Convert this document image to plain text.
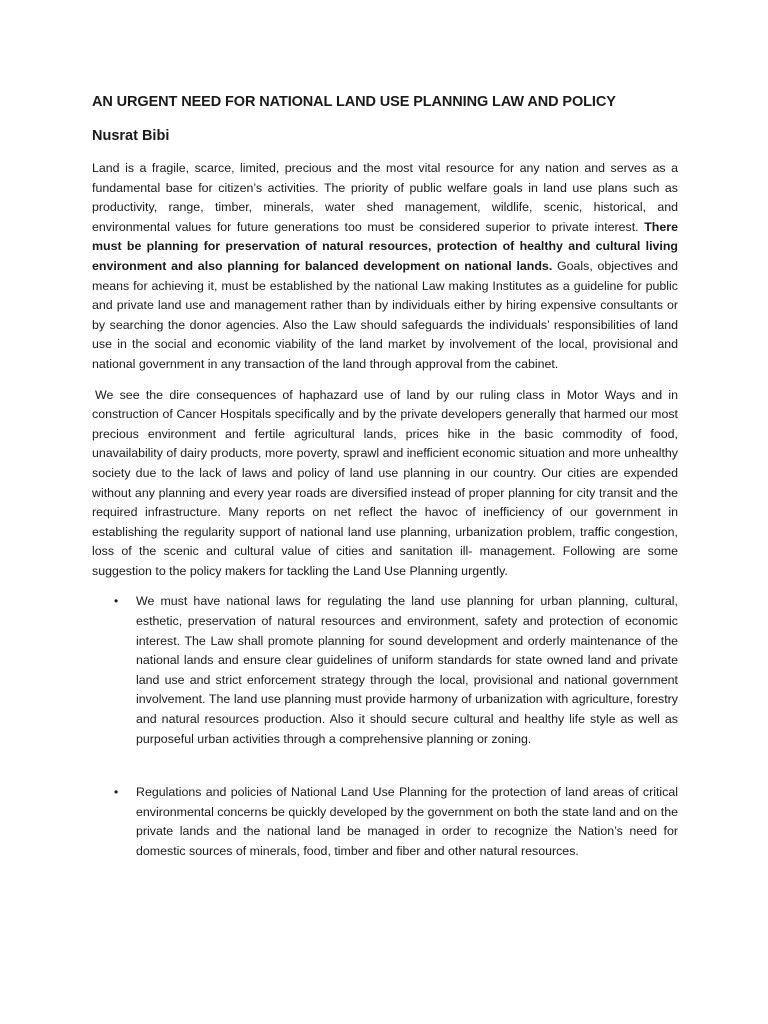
AN URGENT NEED FOR NATIONAL LAND USE PLANNING LAW AND POLICY
Nusrat Bibi

Land is a fragile, scarce, limited, precious and the most vital resource for any nation and serves as a fundamental base for citizen’s activities. The priority of public welfare goals in land use plans such as productivity, range, timber, minerals, water shed management, wildlife, scenic, historical, and environmental values for future generations too must be considered superior to private interest. There must be planning for preservation of natural resources, protection of healthy and cultural living environment and also planning for balanced development on national lands. Goals, objectives and means for achieving it, must be established by the national Law making Institutes as a guideline for public and private land use and management rather than by individuals either by hiring expensive consultants or by searching the donor agencies. Also the Law should safeguards the individuals’ responsibilities of land use in the social and economic viability of the land market by involvement of the local, provisional and national government in any transaction of the land through approval from the cabinet.

We see the dire consequences of haphazard use of land by our ruling class in Motor Ways and in construction of Cancer Hospitals specifically and by the private developers generally that harmed our most precious environment and fertile agricultural lands, prices hike in the basic commodity of food, unavailability of dairy products, more poverty, sprawl and inefficient economic situation and more unhealthy society due to the lack of laws and policy of land use planning in our country. Our cities are expended without any planning and every year roads are diversified instead of proper planning for city transit and the required infrastructure. Many reports on net reflect the havoc of inefficiency of our government in establishing the regularity support of national land use planning, urbanization problem, traffic congestion, loss of the scenic and cultural value of cities and sanitation ill- management. Following are some suggestion to the policy makers for tackling the Land Use Planning urgently.

• We must have national laws for regulating the land use planning for urban planning, cultural, esthetic, preservation of natural resources and environment, safety and protection of economic interest. The Law shall promote planning for sound development and orderly maintenance of the national lands and ensure clear guidelines of uniform standards for state owned land and private land use and strict enforcement strategy through the local, provisional and national government involvement. The land use planning must provide harmony of urbanization with agriculture, forestry and natural resources production. Also it should secure cultural and healthy life style as well as purposeful urban activities through a comprehensive planning or zoning.
• Regulations and policies of National Land Use Planning for the protection of land areas of critical environmental concerns be quickly developed by the government on both the state land and on the private lands and the national land be managed in order to recognize the Nation’s need for domestic sources of minerals, food, timber and fiber and other natural resources.
